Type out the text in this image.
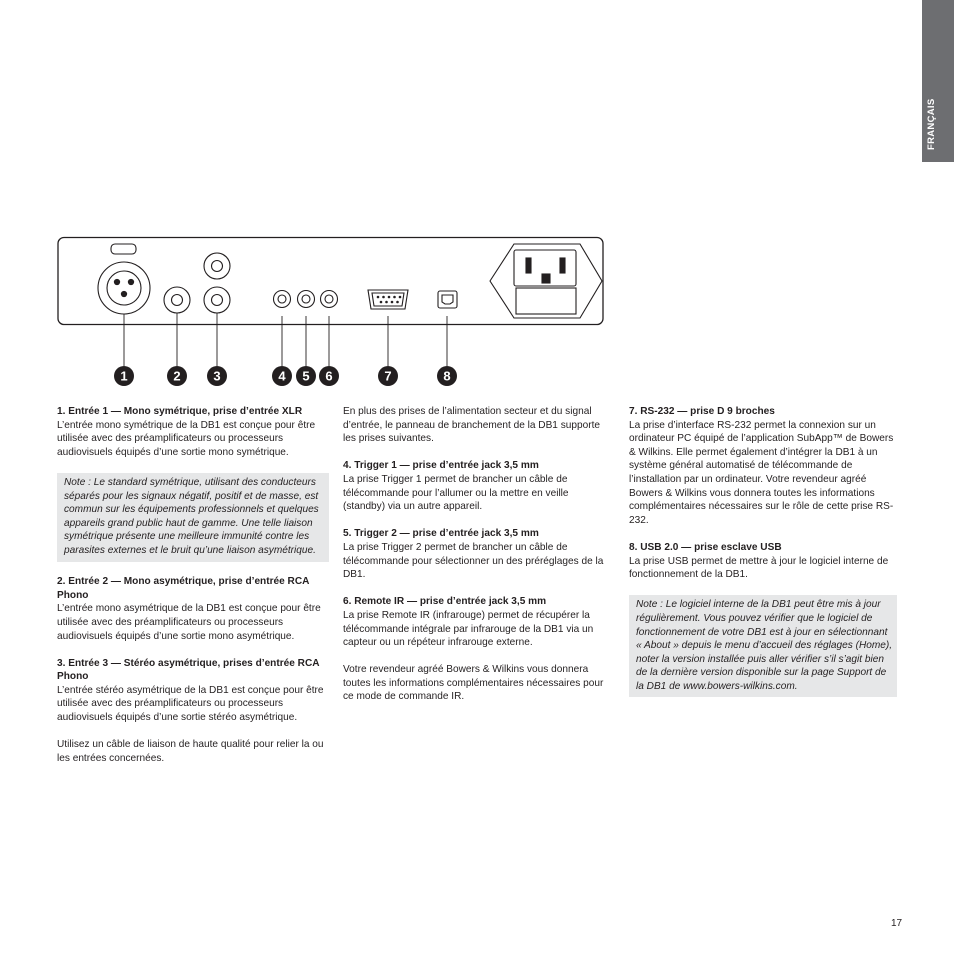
FRANÇAIS
1	2	3	4 5 6	7	8

1. Entrée 1 — Mono symétrique, prise d’entrée XLR

L’entrée mono symétrique de la DB1 est conçue pour être utilisée avec des préamplificateurs ou processeurs audiovisuels équipés d’une sortie mono symétrique.

Note : Le standard symétrique, utilisant des conducteurs séparés pour les signaux négatif, positif et de masse, est commun sur les équipements professionnels et quelques appareils grand public haut de gamme. Une telle liaison symétrique présente une meilleure immunité contre les parasites externes et le bruit qu’une liaison asymétrique.

2. Entrée 2 — Mono asymétrique, prise d’entrée RCA Phono

L’entrée mono asymétrique de la DB1 est conçue pour être utilisée avec des préamplificateurs ou processeurs audiovisuels équipés d’une sortie mono asymétrique.

3. Entrée 3 — Stéréo asymétrique, prises d’entrée RCA Phono

L’entrée stéréo asymétrique de la DB1 est conçue pour être utilisée avec des préamplificateurs ou processeurs audiovisuels équipés d’une sortie stéréo asymétrique.

Utilisez un câble de liaison de haute qualité pour relier la ou les entrées concernées.

En plus des prises de l’alimentation secteur et du signal d’entrée, le panneau de branchement de la DB1 supporte les prises suivantes.

4. Trigger 1 — prise d’entrée jack 3,5 mm

La prise Trigger 1 permet de brancher un câble de télécommande pour l’allumer ou la mettre en veille (standby) via un autre appareil.

5. Trigger 2 — prise d’entrée jack 3,5 mm

La prise Trigger 2 permet de brancher un câble de télécommande pour sélectionner un des préréglages de la DB1.

6. Remote IR — prise d’entrée jack 3,5 mm

La prise Remote IR (infrarouge) permet de récupérer la télécommande intégrale par infrarouge de la DB1 via un capteur ou un répéteur infrarouge externe.

Votre revendeur agréé Bowers & Wilkins vous donnera toutes les informations complémentaires nécessaires pour ce mode de commande IR.

7. RS-232 — prise D 9 broches

La prise d’interface RS-232 permet la connexion sur un ordinateur PC équipé de l’application SubApp™ de Bowers & Wilkins. Elle permet également d’intégrer la DB1 à un système général automatisé de télécommande de l’installation par un ordinateur. Votre revendeur agréé Bowers & Wilkins vous donnera toutes les informations complémentaires nécessaires sur le rôle de cette prise RS-232.

8. USB 2.0 — prise esclave USB

La prise USB permet de mettre à jour le logiciel interne de fonctionnement de la DB1.

Note : Le logiciel interne de la DB1 peut être mis à jour régulièrement. Vous pouvez vérifier que le logiciel de fonctionnement de votre DB1 est à jour en sélectionnant « About » depuis le menu d’accueil des réglages (Home), noter la version installée puis aller vérifier s’il s’agit bien de la dernière version disponible sur la page Support de la DB1 de www.bowers-wilkins.com.

17
